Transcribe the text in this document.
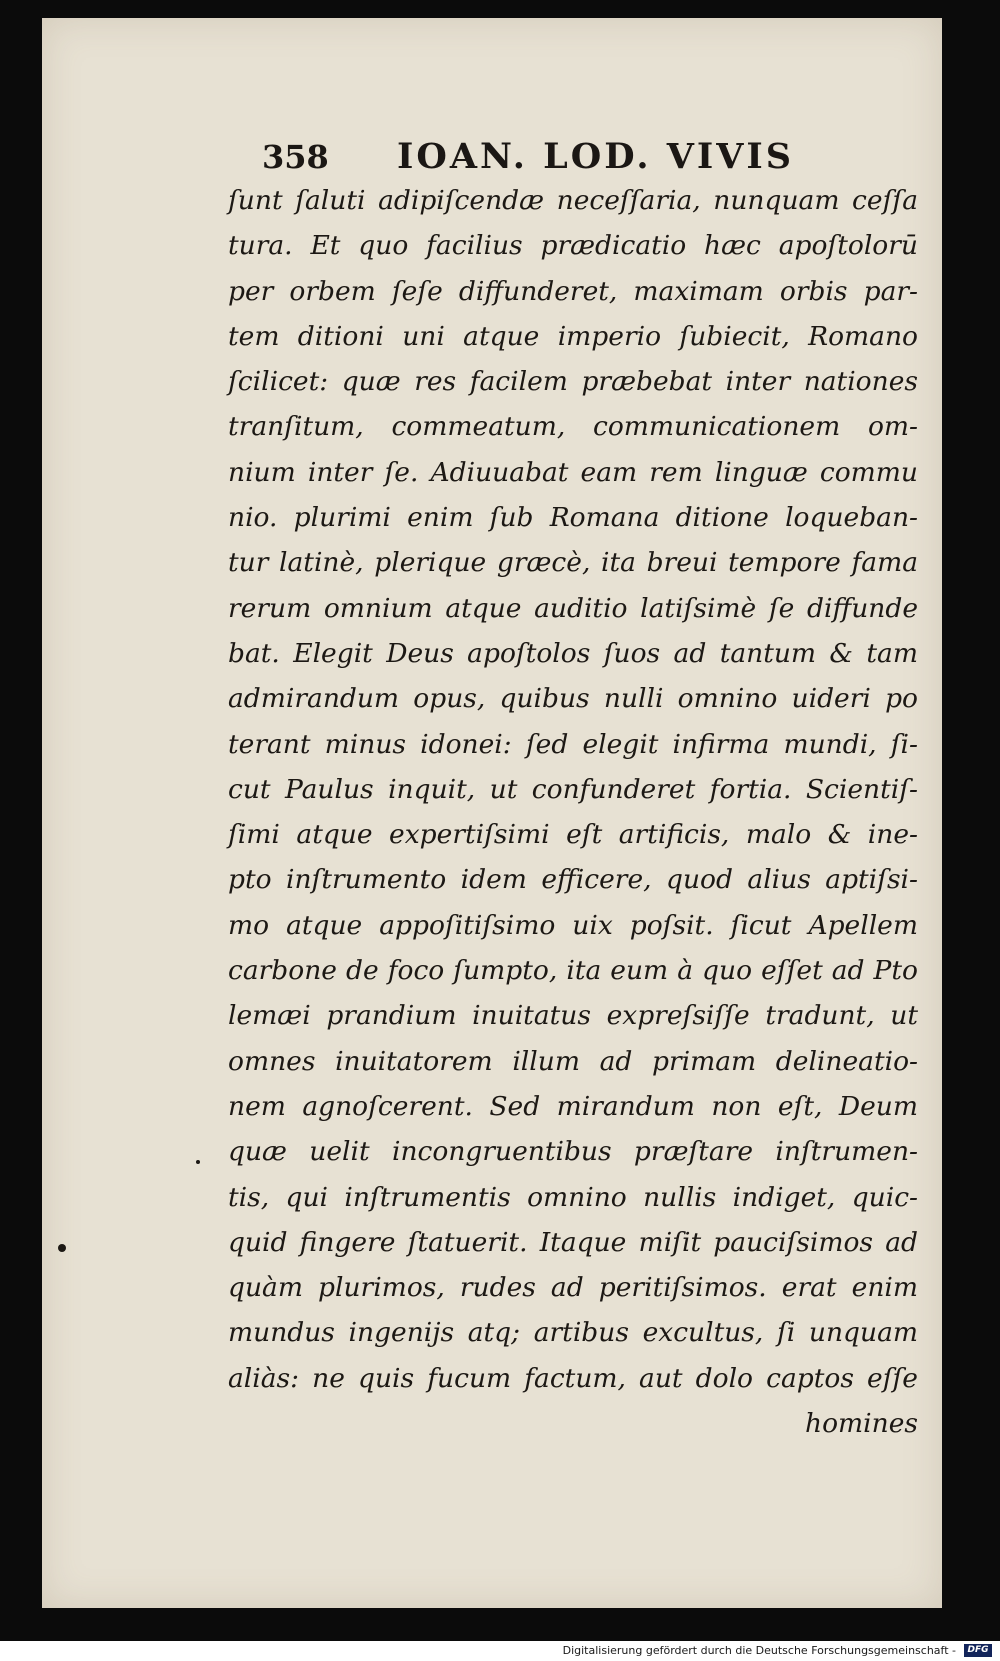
358	IOAN. LOD. VIVIS
ſunt ſaluti adipiſcendæ neceſſaria, nunquam ceſſa
tura. Et quo facilius prædicatio hæc apoſtolorū
per orbem ſeſe diffunderet, maximam orbis par-
tem ditioni uni atque imperio ſubiecit, Romano
ſcilicet: quæ res facilem præbebat inter nationes
tranſitum, commeatum, communicationem om-
nium inter ſe. Adiuuabat eam rem linguæ commu
nio. plurimi enim ſub Romana ditione loqueban-
tur latinè, plerique græcè, ita breui tempore fama
rerum omnium atque auditio latiſsimè ſe diffunde
bat. Elegit Deus apoſtolos ſuos ad tantum & tam
admirandum opus, quibus nulli omnino uideri po
terant minus idonei: ſed elegit infirma mundi, ſi-
cut Paulus inquit, ut confunderet fortia. Scientiſ-
ſimi atque expertiſsimi eſt artificis, malo & ine-
pto inſtrumento idem efficere, quod alius aptiſsi-
mo atque appoſitiſsimo uix poſsit. ſicut Apellem
carbone de foco ſumpto, ita eum à quo eſſet ad Pto
lemæi prandium inuitatus expreſsiſſe tradunt, ut
omnes inuitatorem illum ad primam delineatio-
nem agnoſcerent. Sed mirandum non eſt, Deum
quæ uelit incongruentibus præſtare inſtrumen-
tis, qui inſtrumentis omnino nullis indiget, quic-
quid fingere ſtatuerit. Itaque miſit pauciſsimos ad
quàm plurimos, rudes ad peritiſsimos. erat enim
mundus ingenijs atq; artibus excultus, ſi unquam
aliàs: ne quis fucum factum, aut dolo captos eſſe
homines
Digitalisierung gefördert durch die Deutsche Forschungsgemeinschaft -	DFG
